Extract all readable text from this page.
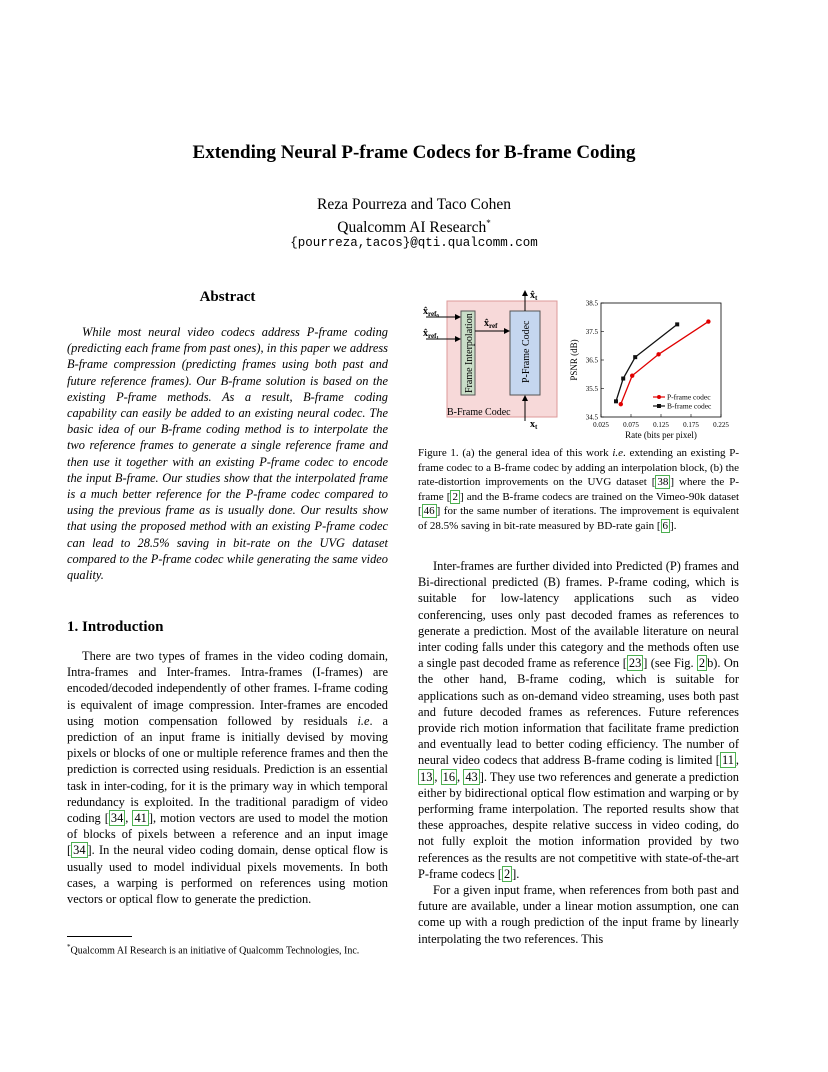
Extending Neural P-frame Codecs for B-frame Coding
Reza Pourreza and Taco Cohen
Qualcomm AI Research*
{pourreza,tacos}@qti.qualcomm.com
Abstract

While most neural video codecs address P-frame coding (predicting each frame from past ones), in this paper we address B-frame compression (predicting frames using both past and future reference frames). Our B-frame solution is based on the existing P-frame methods. As a result, B-frame coding capability can easily be added to an existing neural codec. The basic idea of our B-frame coding method is to interpolate the two reference frames to generate a single reference frame and then use it together with an existing P-frame codec to encode the input B-frame. Our studies show that the interpolated frame is a much better reference for the P-frame codec compared to using the previous frame as is usually done. Our results show that using the proposed method with an existing P-frame codec can lead to 28.5% saving in bit-rate on the UVG dataset compared to the P-frame codec while generating the same video quality.

1. Introduction

There are two types of frames in the video coding domain, Intra-frames and Inter-frames. Intra-frames (I-frames) are encoded/decoded independently of other frames. I-frame coding is equivalent of image compression. Inter-frames are encoded using motion compensation followed by residuals i.e. a prediction of an input frame is initially devised by moving pixels or blocks of one or multiple reference frames and then the prediction is corrected using residuals. Prediction is an essential task in inter-coding, for it is the primary way in which temporal redundancy is exploited. In the traditional paradigm of video coding [ 34 , 41 ], motion vectors are used to model the motion of blocks of pixels between a reference and an input image [ 34 ]. In the neural video coding domain, dense optical flow is usually used to model individual pixels movements. In both cases, a warping is performed on references using motion vectors or optical flow to generate the prediction.

*Qualcomm AI Research is an initiative of Qualcomm Technologies, Inc.
$x̂_{ref}0$
$x̂_{ref}1$
$x̂_{ref}$
$x̂_t$
$x_t$
Frame Interpolation	P-Frame Codec
B-Frame Codec
0.025 0.075 0.125 0.175 0.225
34.5
35.5
36.5
37.5
38.5
Rate (bits per pixel)
PSNR (dB)
P-frame codec
B-frame codec
Figure 1. (a) the general idea of this work i.e. extending an existing P-frame codec to a B-frame codec by adding an interpolation block, (b) the rate-distortion improvements on the UVG dataset [ 38 ] where the P-frame [ 2 ] and the B-frame codecs are trained on the Vimeo-90k dataset [ 46 ] for the same number of iterations. The improvement is equivalent of 28.5% saving in bit-rate measured by BD-rate gain [ 6 ].

Inter-frames are further divided into Predicted (P) frames and Bi-directional predicted (B) frames. P-frame coding, which is suitable for low-latency applications such as video conferencing, uses only past decoded frames as references to generate a prediction. Most of the available literature on neural inter coding falls under this category and the methods often use a single past decoded frame as reference [ 23 ] (see Fig. 2 b). On the other hand, B-frame coding, which is suitable for applications such as on-demand video streaming, uses both past and future decoded frames as references. Future references provide rich motion information that facilitate frame prediction and eventually lead to better coding efficiency. The number of neural video codecs that address B-frame coding is limited [ 11 , 13 , 16 , 43 ]. They use two references and generate a prediction either by bidirectional optical flow estimation and warping or by performing frame interpolation. The reported results show that these approaches, despite relative success in video coding, do not fully exploit the motion information provided by two references as the results are not competitive with state-of-the-art P-frame codecs [ 2 ].

For a given input frame, when references from both past and future are available, under a linear motion assumption, one can come up with a rough prediction of the input frame by linearly interpolating the two references. This
